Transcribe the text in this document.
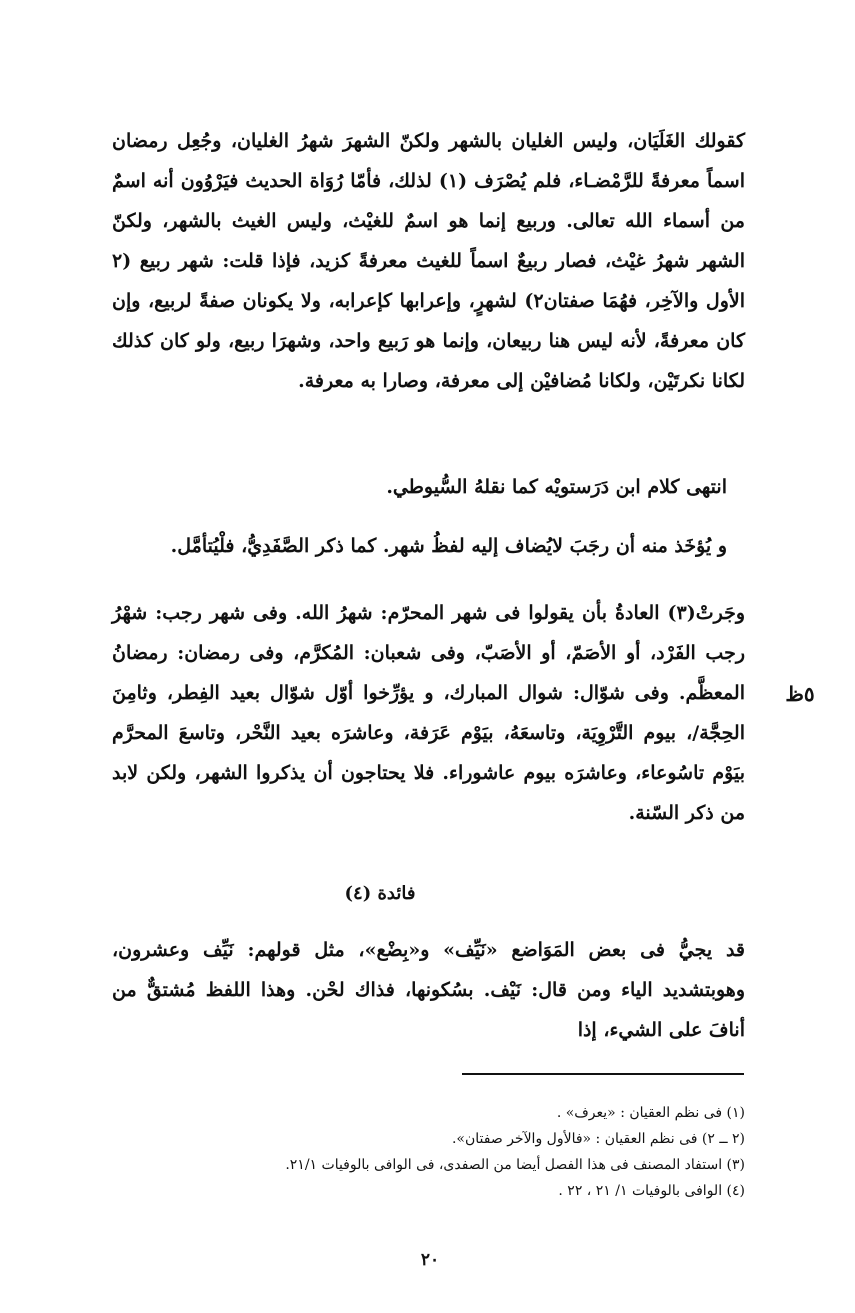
كقولك الغَلَيَان، وليس الغليان بالشهر ولكنّ الشهرَ شهرُ الغليان، وجُعِل رمضان اسماً معرفةً للرَّمْضـاء، فلم يُصْرَف (١) لذلك، فأمّا رُوَاة الحديث فيَرْوُون أنه اسمٌ من أسماء الله تعالى. وربيع إنما هو اسمٌ للغيْث، وليس الغيث بالشهر، ولكنّ الشهر شهرُ غيْث، فصار ربيعٌ اسماً للغيث معرفةً كزيد، فإذا قلت: شهر ربيع (٢ الأول والآخِر، فهُمَا صفتان٢) لشهرٍ، وإعرابها كإعرابه، ولا يكونان صفةً لربيع، وإن كان معرفةً، لأنه ليس هنا ربيعان، وإنما هو رَبيع واحد، وشهرَا ربيع، ولو كان كذلك لكانا نكرتَيْن، ولكانا مُضافيْن إلى معرفة، وصارا به معرفة.

انتهى كلام ابن دَرَستويْه كما نقلهُ السُّيوطي.

و يُؤخَذ منه أن رجَبَ لايُضاف إليه لفظُ شهر. كما ذكر الصَّفَدِيُّ، فلْيُتأمَّل.

وجَرتْ(٣) العادةُ بأن يقولوا فى شهر المحرّم: شهرُ الله. وفى شهر رجب: شهْرُ رجب الفَرْد، أو الأصَمّ، أو الأصَبّ، وفى شعبان: المُكرَّم، وفى رمضان: رمضانُ المعظَّم. وفى شوّال: شوال المبارك، و يؤرِّخوا أوّل شوّال بعيد الفِطر، وثامِنَ الحِجَّة/، بيوم التَّرْوِيَة، وتاسعَهُ، بيَوْم عَرَفة، وعاشرَه بعيد النَّحْر، وتاسعَ المحرَّم بيَوْم تاسُوعاء، وعاشرَه بيوم عاشوراء. فلا يحتاجون أن يذكروا الشهر، ولكن لابد من ذكر السّنة.

٥ظ
فائدة (٤)

قد يجيُّ فى بعض المَوَاضع «نَيِّف» و«بِضْع»، مثل قولهم: نَيِّف وعشرون، وهوبتشديد الياء ومن قال: نَيْف. بسُكونها، فذاك لحْن. وهذا اللفظ مُشتقٌّ من أنافَ على الشيء، إذا

(١) فى نظم العقيان : «يعرف» .
(٢ ــ ٢) فى نظم العقيان : «فالأول والآخر صفتان».
(٣) استفاد المصنف فى هذا الفصل أيضا من الصفدى، فى الوافى بالوفيات ٢١/١.
(٤) الوافى بالوفيات ١/ ٢١ ، ٢٢ .
٢٠
